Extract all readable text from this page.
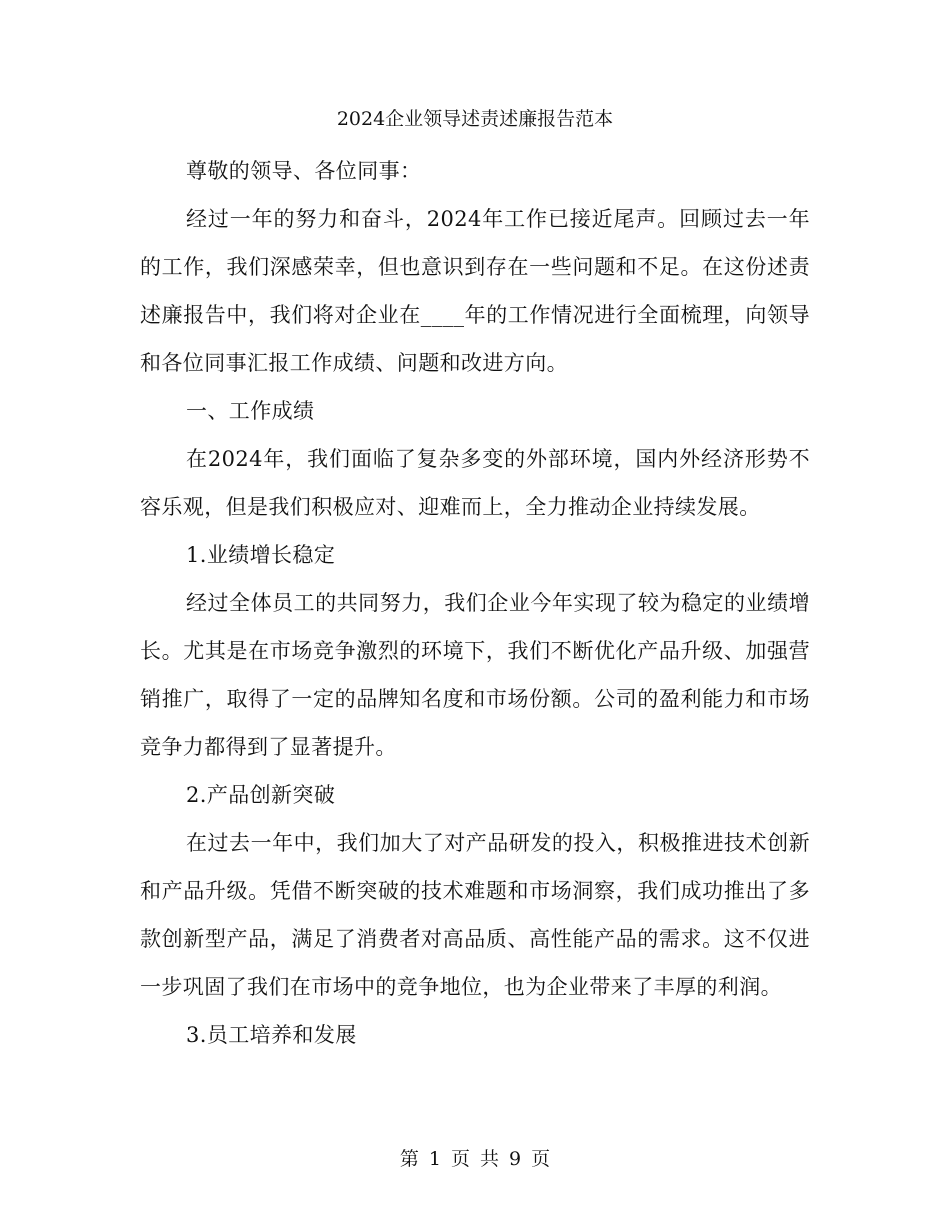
2024企业领导述责述廉报告范本

尊敬的领导、各位同事：

经过一年的努力和奋斗，2024年工作已接近尾声。回顾过去一年的工作，我们深感荣幸，但也意识到存在一些问题和不足。在这份述责述廉报告中，我们将对企业在____年的工作情况进行全面梳理，向领导和各位同事汇报工作成绩、问题和改进方向。

一、工作成绩

在2024年，我们面临了复杂多变的外部环境，国内外经济形势不容乐观，但是我们积极应对、迎难而上，全力推动企业持续发展。

1.业绩增长稳定

经过全体员工的共同努力，我们企业今年实现了较为稳定的业绩增长。尤其是在市场竞争激烈的环境下，我们不断优化产品升级、加强营销推广，取得了一定的品牌知名度和市场份额。公司的盈利能力和市场竞争力都得到了显著提升。

2.产品创新突破

在过去一年中，我们加大了对产品研发的投入，积极推进技术创新和产品升级。凭借不断突破的技术难题和市场洞察，我们成功推出了多款创新型产品，满足了消费者对高品质、高性能产品的需求。这不仅进一步巩固了我们在市场中的竞争地位，也为企业带来了丰厚的利润。

3.员工培养和发展

第 1 页 共 9 页
